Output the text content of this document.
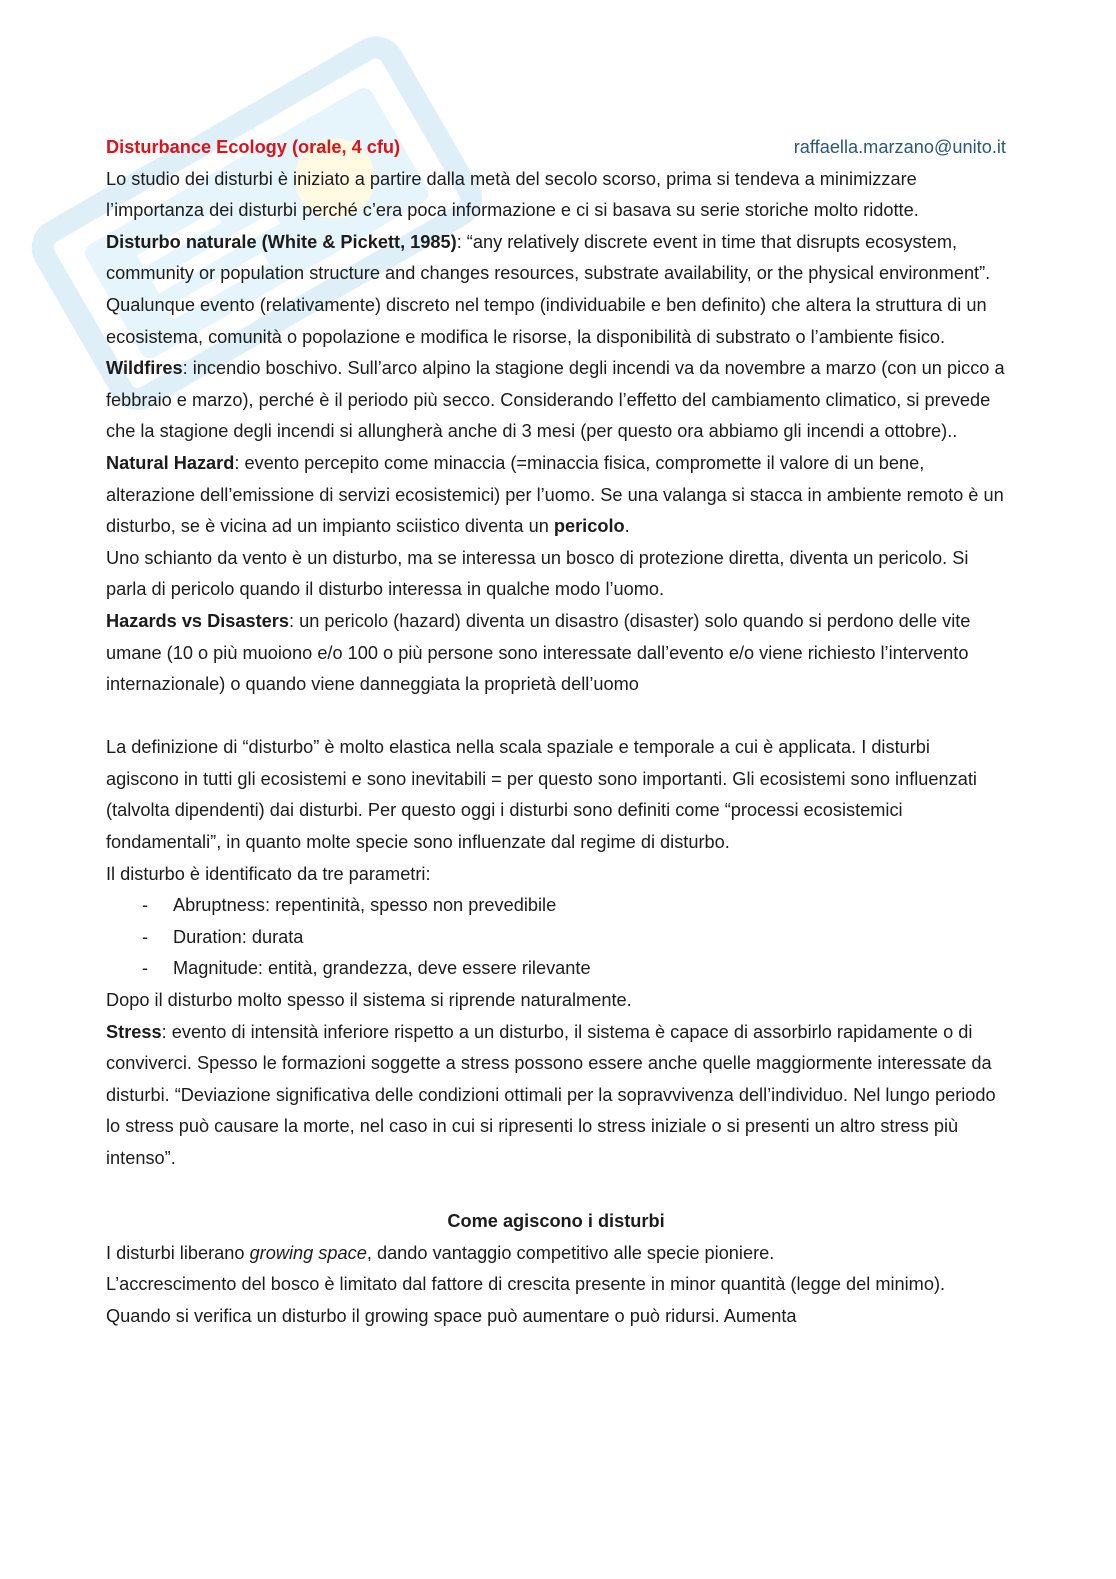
Disturbance Ecology (orale, 4 cfu)	raffaella.marzano@unito.it

Lo studio dei disturbi è iniziato a partire dalla metà del secolo scorso, prima si tendeva a minimizzare l’importanza dei disturbi perché c’era poca informazione e ci si basava su serie storiche molto ridotte.

Disturbo naturale (White & Pickett, 1985): “any relatively discrete event in time that disrupts ecosystem, community or population structure and changes resources, substrate availability, or the physical environment”. Qualunque evento (relativamente) discreto nel tempo (individuabile e ben definito) che altera la struttura di un ecosistema, comunità o popolazione e modifica le risorse, la disponibilità di substrato o l’ambiente fisico.

Wildfires: incendio boschivo. Sull’arco alpino la stagione degli incendi va da novembre a marzo (con un picco a febbraio e marzo), perché è il periodo più secco. Considerando l’effetto del cambiamento climatico, si prevede che la stagione degli incendi si allungherà anche di 3 mesi (per questo ora abbiamo gli incendi a ottobre)..

Natural Hazard: evento percepito come minaccia (=minaccia fisica, compromette il valore di un bene, alterazione dell’emissione di servizi ecosistemici) per l’uomo. Se una valanga si stacca in ambiente remoto è un disturbo, se è vicina ad un impianto sciistico diventa un pericolo.

Uno schianto da vento è un disturbo, ma se interessa un bosco di protezione diretta, diventa un pericolo. Si parla di pericolo quando il disturbo interessa in qualche modo l’uomo.

Hazards vs Disasters: un pericolo (hazard) diventa un disastro (disaster) solo quando si perdono delle vite umane (10 o più muoiono e/o 100 o più persone sono interessate dall’evento e/o viene richiesto l’intervento internazionale) o quando viene danneggiata la proprietà dell’uomo

La definizione di “disturbo” è molto elastica nella scala spaziale e temporale a cui è applicata. I disturbi agiscono in tutti gli ecosistemi e sono inevitabili = per questo sono importanti. Gli ecosistemi sono influenzati (talvolta dipendenti) dai disturbi. Per questo oggi i disturbi sono definiti come “processi ecosistemici fondamentali”, in quanto molte specie sono influenzate dal regime di disturbo.

Il disturbo è identificato da tre parametri:

- Abruptness: repentinità, spesso non prevedibile
- Duration: durata
- Magnitude: entità, grandezza, deve essere rilevante

Dopo il disturbo molto spesso il sistema si riprende naturalmente.

Stress: evento di intensità inferiore rispetto a un disturbo, il sistema è capace di assorbirlo rapidamente o di conviverci. Spesso le formazioni soggette a stress possono essere anche quelle maggiormente interessate da disturbi. “Deviazione significativa delle condizioni ottimali per la sopravvivenza dell’individuo. Nel lungo periodo lo stress può causare la morte, nel caso in cui si ripresenti lo stress iniziale o si presenti un altro stress più intenso”.

Come agiscono i disturbi

I disturbi liberano growing space, dando vantaggio competitivo alle specie pioniere.

L’accrescimento del bosco è limitato dal fattore di crescita presente in minor quantità (legge del minimo). Quando si verifica un disturbo il growing space può aumentare o può ridursi. Aumenta
